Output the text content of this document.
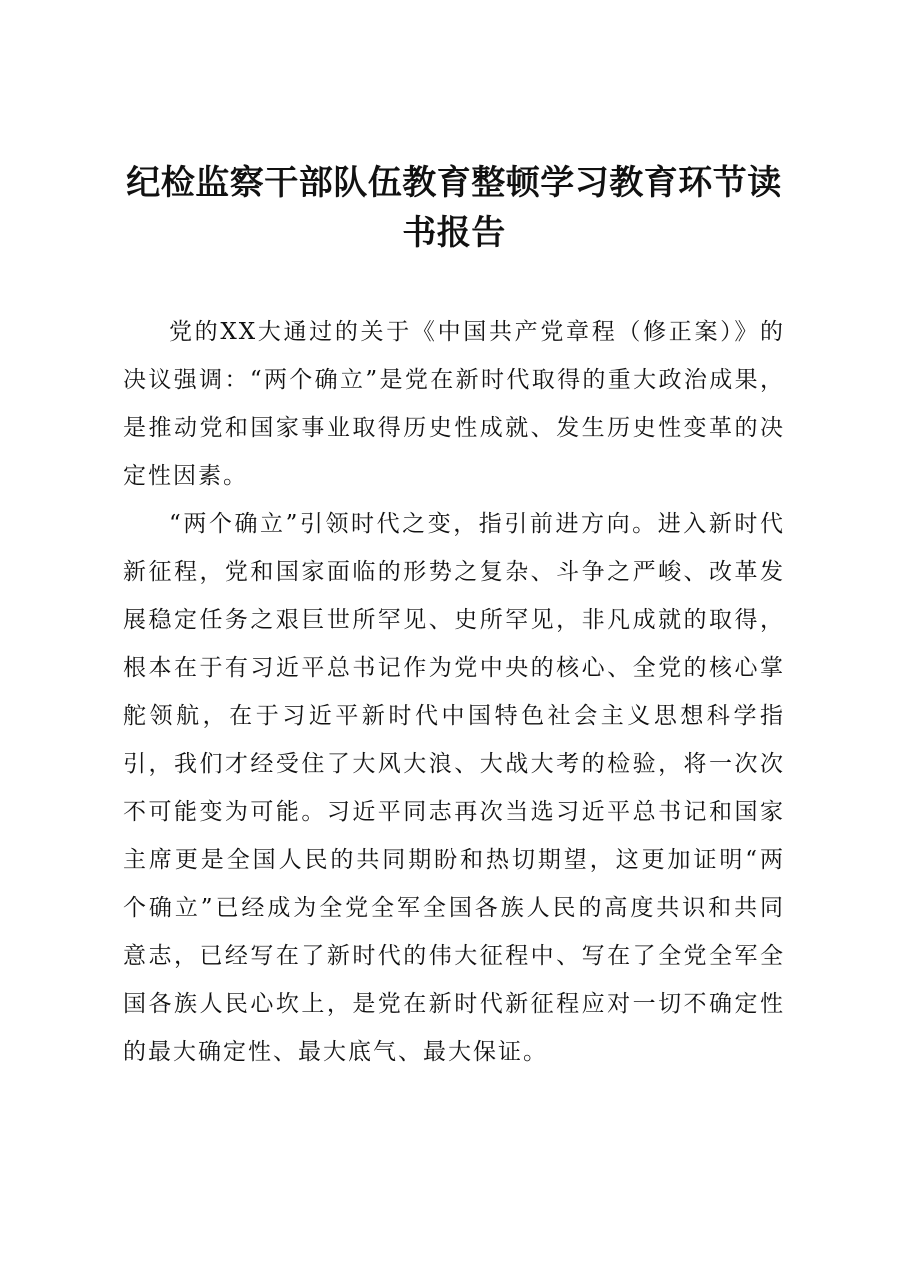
纪检监察干部队伍教育整顿学习教育环节读书报告

党的XX大通过的关于《中国共产党章程（修正案）》的决议强调：“两个确立”是党在新时代取得的重大政治成果，是推动党和国家事业取得历史性成就、发生历史性变革的决定性因素。

“两个确立”引领时代之变，指引前进方向。进入新时代新征程，党和国家面临的形势之复杂、斗争之严峻、改革发展稳定任务之艰巨世所罕见、史所罕见，非凡成就的取得，根本在于有习近平总书记作为党中央的核心、全党的核心掌舵领航，在于习近平新时代中国特色社会主义思想科学指引，我们才经受住了大风大浪、大战大考的检验，将一次次不可能变为可能。习近平同志再次当选习近平总书记和国家主席更是全国人民的共同期盼和热切期望，这更加证明“两个确立”已经成为全党全军全国各族人民的高度共识和共同意志，已经写在了新时代的伟大征程中、写在了全党全军全国各族人民心坎上，是党在新时代新征程应对一切不确定性的最大确定性、最大底气、最大保证。
